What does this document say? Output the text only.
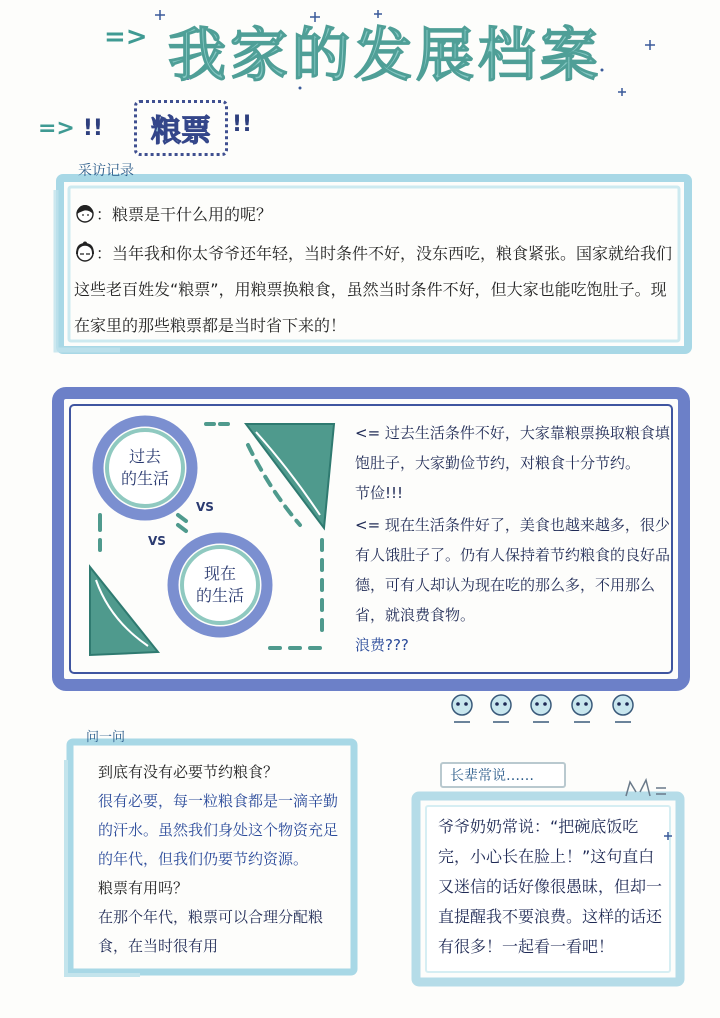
=> 我家的发展档案
=> !! 粮票 !!
采访记录

：粮票是干什么用的呢？

：当年我和你太爷爷还年轻，当时条件不好，没东西吃，粮食紧张。国家就给我们这些老百姓发“粮票”，用粮票换粮食，虽然当时条件不好，但大家也能吃饱肚子。现在家里的那些粮票都是当时省下来的！

过去
的生活
现在
的生活
VS
VS
<= 过去生活条件不好，大家靠粮票换取粮食填饱肚子，大家勤俭节约，对粮食十分节约。
节俭!!!
<= 现在生活条件好了，美食也越来越多，很少有人饿肚子了。仍有人保持着节约粮食的良好品德，可有人却认为现在吃的那么多，不用那么省，就浪费食物。
浪费???
问一问
到底有没有必要节约粮食？
很有必要，每一粒粮食都是一滴辛勤的汗水。虽然我们身处这个物资充足的年代，但我们仍要节约资源。
粮票有用吗？
在那个年代，粮票可以合理分配粮食，在当时很有用
长辈常说……
爷爷奶奶常说：“把碗底饭吃完，小心长在脸上！”这句直白又迷信的话好像很愚昧，但却一直提醒我不要浪费。这样的话还有很多！一起看一看吧！
